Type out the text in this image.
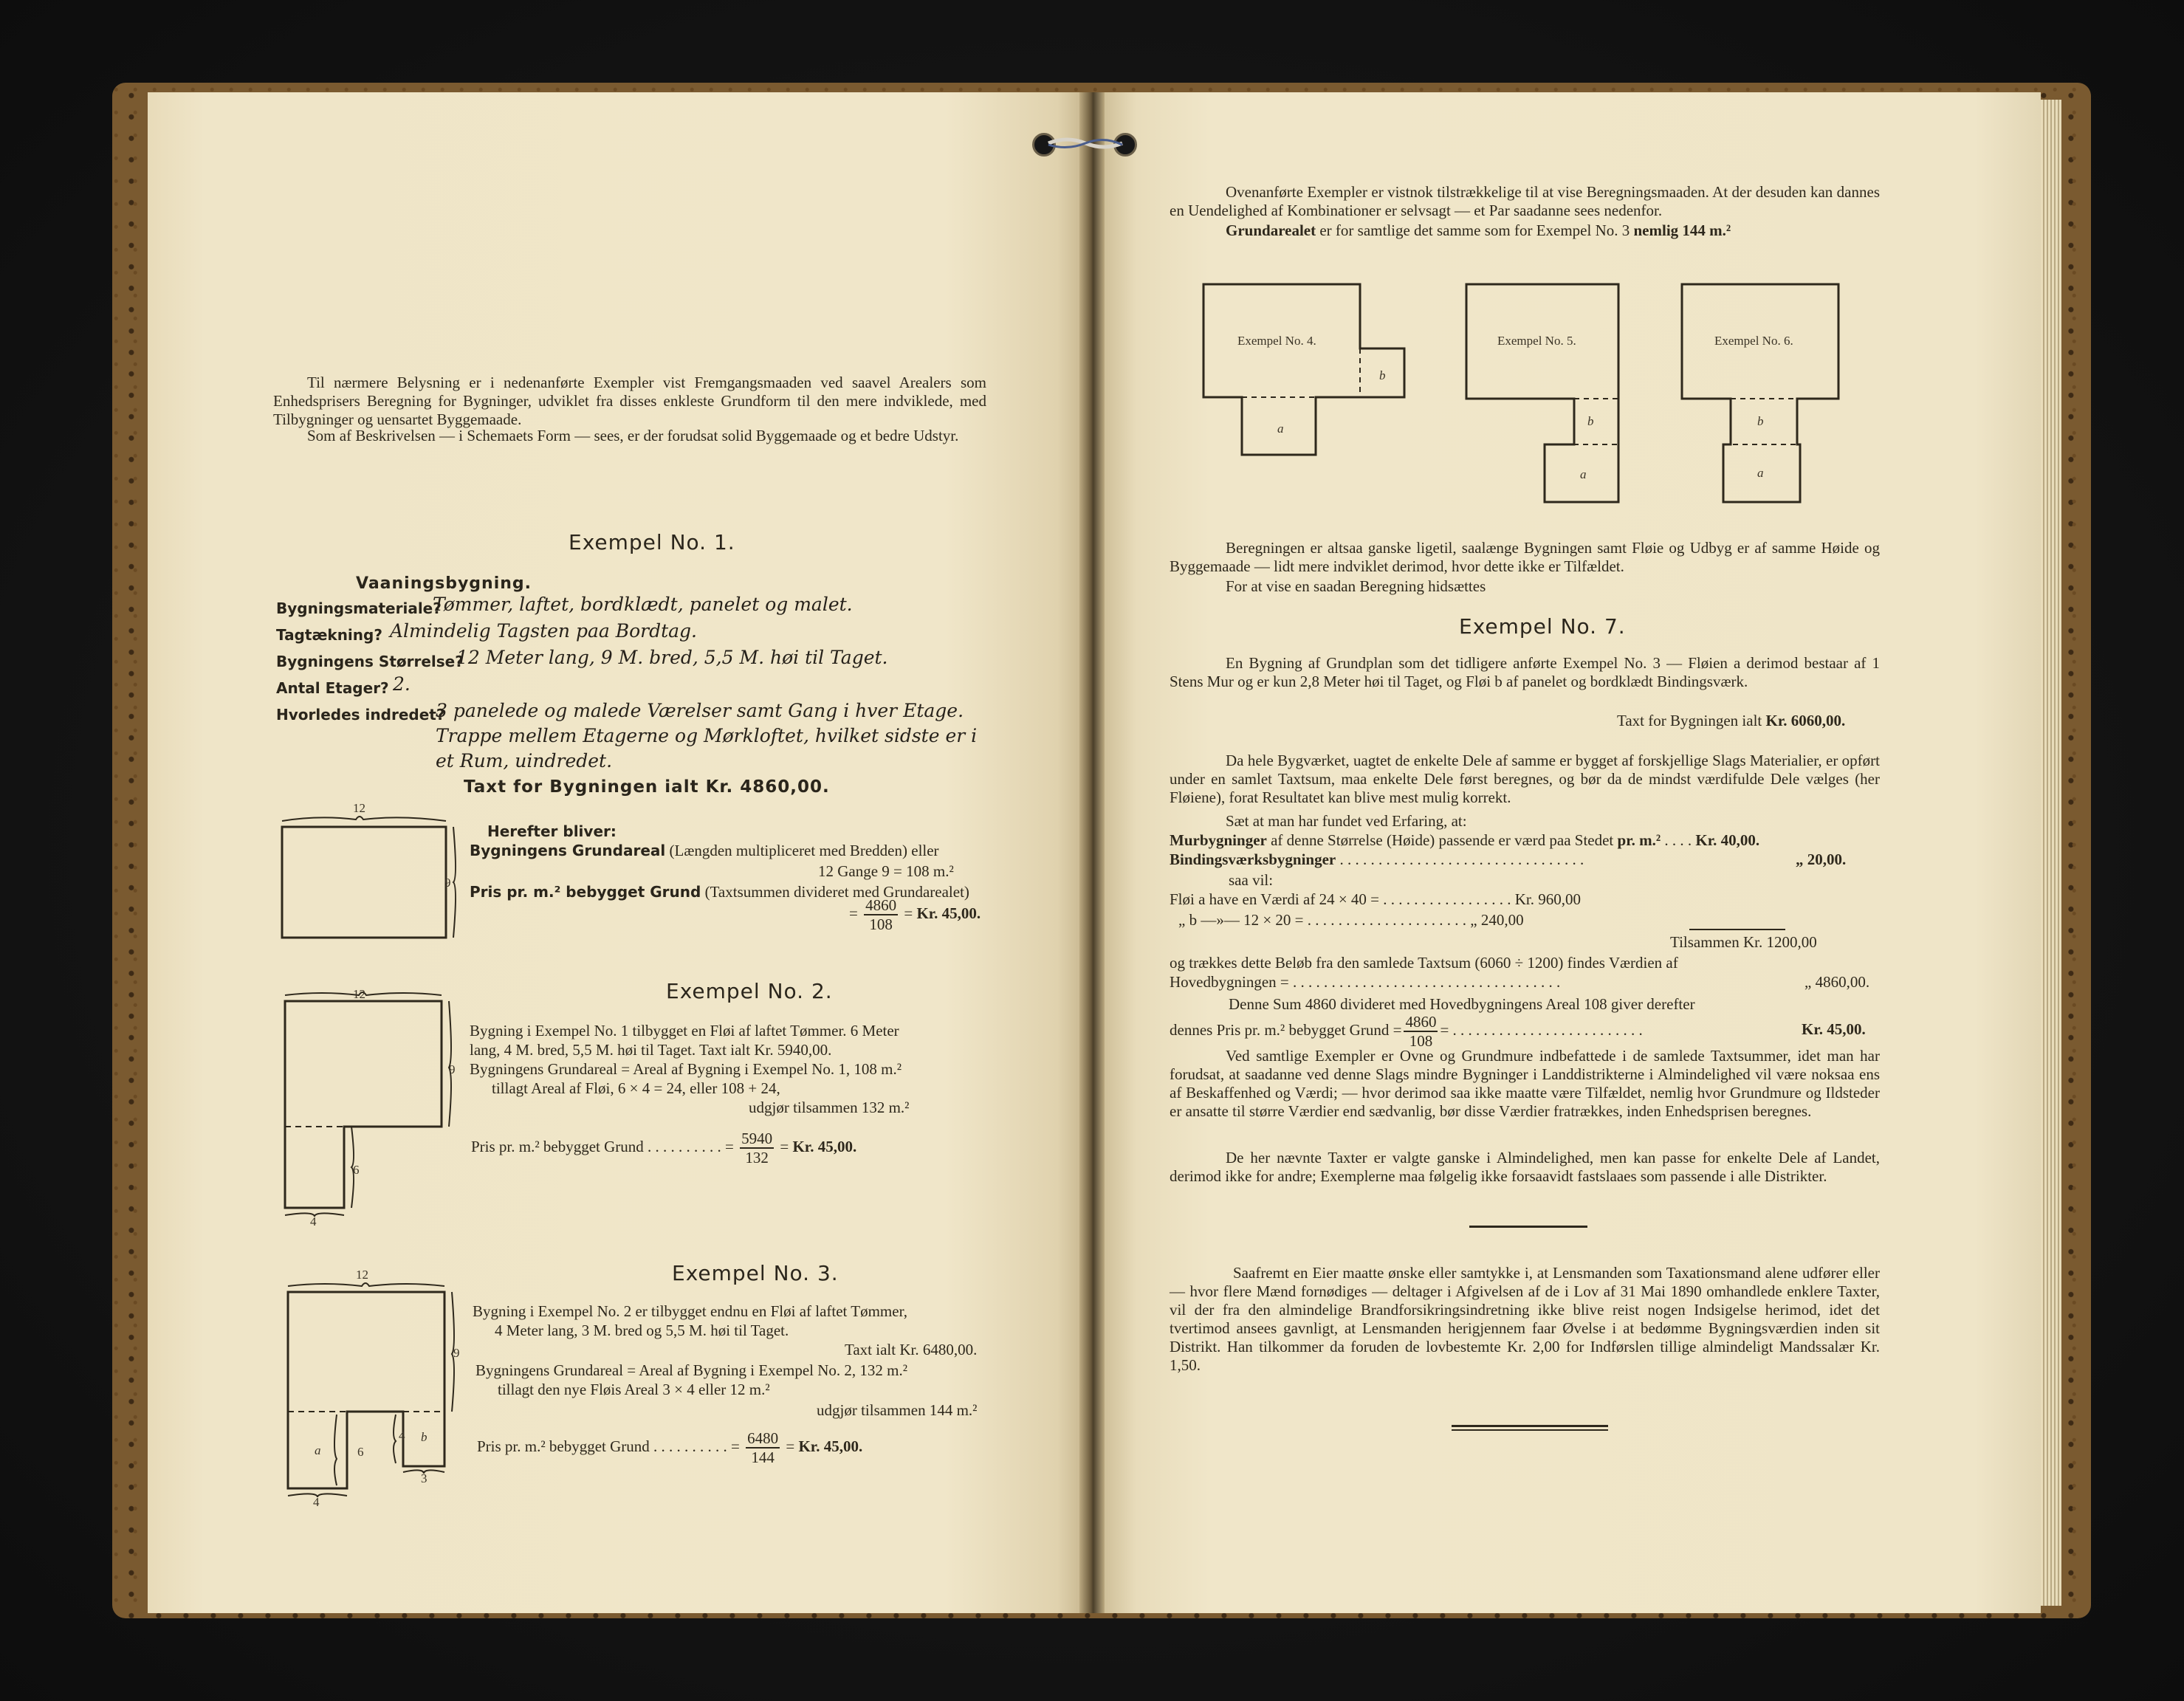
Til nærmere Belysning er i nedenanførte Exempler vist Fremgangsmaaden ved saavel Arealers som Enhedsprisers Beregning for Bygninger, udviklet fra disses enkleste Grundform til den mere indviklede, med Tilbygninger og uensartet Byggemaade.
Som af Beskrivelsen — i Schemaets Form — sees, er der forudsat solid Byggemaade og et bedre Udstyr.
Exempel No. 1.
Vaaningsbygning.
Bygningsmateriale?
Tømmer, laftet, bordklædt, panelet og malet.
Tagtækning? Almindelig Tagsten paa Bordtag.
Bygningens Størrelse?
12 Meter lang, 9 M. bred, 5,5 M. høi til Taget.
Antal Etager? 2.
Hvorledes indredet?
3 panelede og malede Værelser samt Gang i hver Etage.
Trappe mellem Etagerne og Mørkloftet, hvilket sidste er i
et Rum, uindredet.
Taxt for Bygningen ialt Kr. 4860,00.
12
9
Herefter bliver:
Bygningens Grundareal (Længden multipliceret med Bredden) eller
12 Gange 9 = 108 m.²
Pris pr. m.² bebygget Grund (Taxtsummen divideret med Grundarealet)
= $\frac{4860}{108} = Kr$. 45,00.
Exempel No. 2.
12
9
6
4
Bygning i Exempel No. 1 tilbygget en Fløi af laftet Tømmer. 6 Meter
lang, 4 M. bred, 5,5 M. høi til Taget. Taxt ialt Kr. 5940,00.
Bygningens Grundareal = Areal af Bygning i Exempel No. 1, 108 m.²
tillagt Areal af Fløi, 6 × 4 = 24, eller 108 + 24,
udgjør tilsammen 132 m.²
Pris pr. m.² bebygget Grund . . . . . . . . . . = $\frac{5940}{132} = Kr$. 45,00.
Exempel No. 3.
12
9
a	6
4 b
4
3
Bygning i Exempel No. 2 er tilbygget endnu en Fløi af laftet Tømmer,
4 Meter lang, 3 M. bred og 5,5 M. høi til Taget.
Taxt ialt Kr. 6480,00.
Bygningens Grundareal = Areal af Bygning i Exempel No. 2, 132 m.²
tillagt den nye Fløis Areal 3 × 4 eller 12 m.²
udgjør tilsammen 144 m.²
Pris pr. m.² bebygget Grund . . . . . . . . . . = $\frac{6480}{144} = Kr$. 45,00.
Ovenanførte Exempler er vistnok tilstrækkelige til at vise Beregningsmaaden. At der desuden kan dannes en Uendelighed af Kombinationer er selvsagt — et Par saadanne sees nedenfor.
Grundarealet er for samtlige det samme som for Exempel No. 3 nemlig 144 m.²
Exempel No. 4.	Exempel No. 5.	Exempel No. 6.
b
a
b
a
b
a
Beregningen er altsaa ganske ligetil, saalænge Bygningen samt Fløie og Udbyg er af samme Høide og Byggemaade — lidt mere indviklet derimod, hvor dette ikke er Tilfældet.
For at vise en saadan Beregning hidsættes
Exempel No. 7.
En Bygning af Grundplan som det tidligere anførte Exempel No. 3 — Fløien a derimod bestaar af 1 Stens Mur og er kun 2,8 Meter høi til Taget, og Fløi b af panelet og bordklædt Bindingsværk.
Taxt for Bygningen ialt Kr. 6060,00.
Da hele Bygværket, uagtet de enkelte Dele af samme er bygget af forskjellige Slags Materialier, er opført under en samlet Taxtsum, maa enkelte Dele først beregnes, og bør da de mindst værdifulde Dele vælges (her Fløiene), forat Resultatet kan blive mest mulig korrekt.
Sæt at man har fundet ved Erfaring, at:
Murbygninger af denne Størrelse (Høide) passende er værd paa Stedet pr. m.² . . . . Kr. 40,00.
Bindingsværksbygninger . . . . . . . . . . . . . . . . . . . . . . . . . . . . . . . .	„ 20,00.
saa vil:
Fløi a have en Værdi af 24 × 40 = . . . . . . . . . . . . . . . . . Kr. 960,00
„ b —»— 12 × 20 = . . . . . . . . . . . . . . . . . . . . . „ 240,00
Tilsammen Kr. 1200,00
og trækkes dette Beløb fra den samlede Taxtsum (6060 ÷ 1200) findes Værdien af
Hovedbygningen = . . . . . . . . . . . . . . . . . . . . . . . . . . . . . . . . . . .	„ 4860,00.
Denne Sum 4860 divideret med Hovedbygningens Areal 108 giver derefter
dennes Pris pr. m.² bebygget Grund = $\frac{4860}{108}$ = . . . . . . . . . . . . . . . . . . . . . . . . .	Kr. 45,00.
Ved samtlige Exempler er Ovne og Grundmure indbefattede i de samlede Taxtsummer, idet man har forudsat, at saadanne ved denne Slags mindre Bygninger i Landdistrikterne i Almindelighed vil være noksaa ens af Beskaffenhed og Værdi; — hvor derimod saa ikke maatte være Tilfældet, nemlig hvor Grundmure og Ildsteder er ansatte til større Værdier end sædvanlig, bør disse Værdier fratrækkes, inden Enhedsprisen beregnes.
De her nævnte Taxter er valgte ganske i Almindelighed, men kan passe for enkelte Dele af Landet, derimod ikke for andre; Exemplerne maa følgelig ikke forsaavidt fastslaaes som passende i alle Distrikter.
Saafremt en Eier maatte ønske eller samtykke i, at Lensmanden som Taxationsmand alene udfører eller — hvor flere Mænd fornødiges — deltager i Afgivelsen af de i Lov af 31 Mai 1890 omhandlede enklere Taxter, vil der fra den almindelige Brandforsikringsindretning ikke blive reist nogen Indsigelse herimod, idet det tvertimod ansees gavnligt, at Lensmanden herigjennem faar Øvelse i at bedømme Bygningsværdien inden sit Distrikt. Han tilkommer da foruden de lovbestemte Kr. 2,00 for Indførslen tillige almindeligt Mandssalær Kr. 1,50.
